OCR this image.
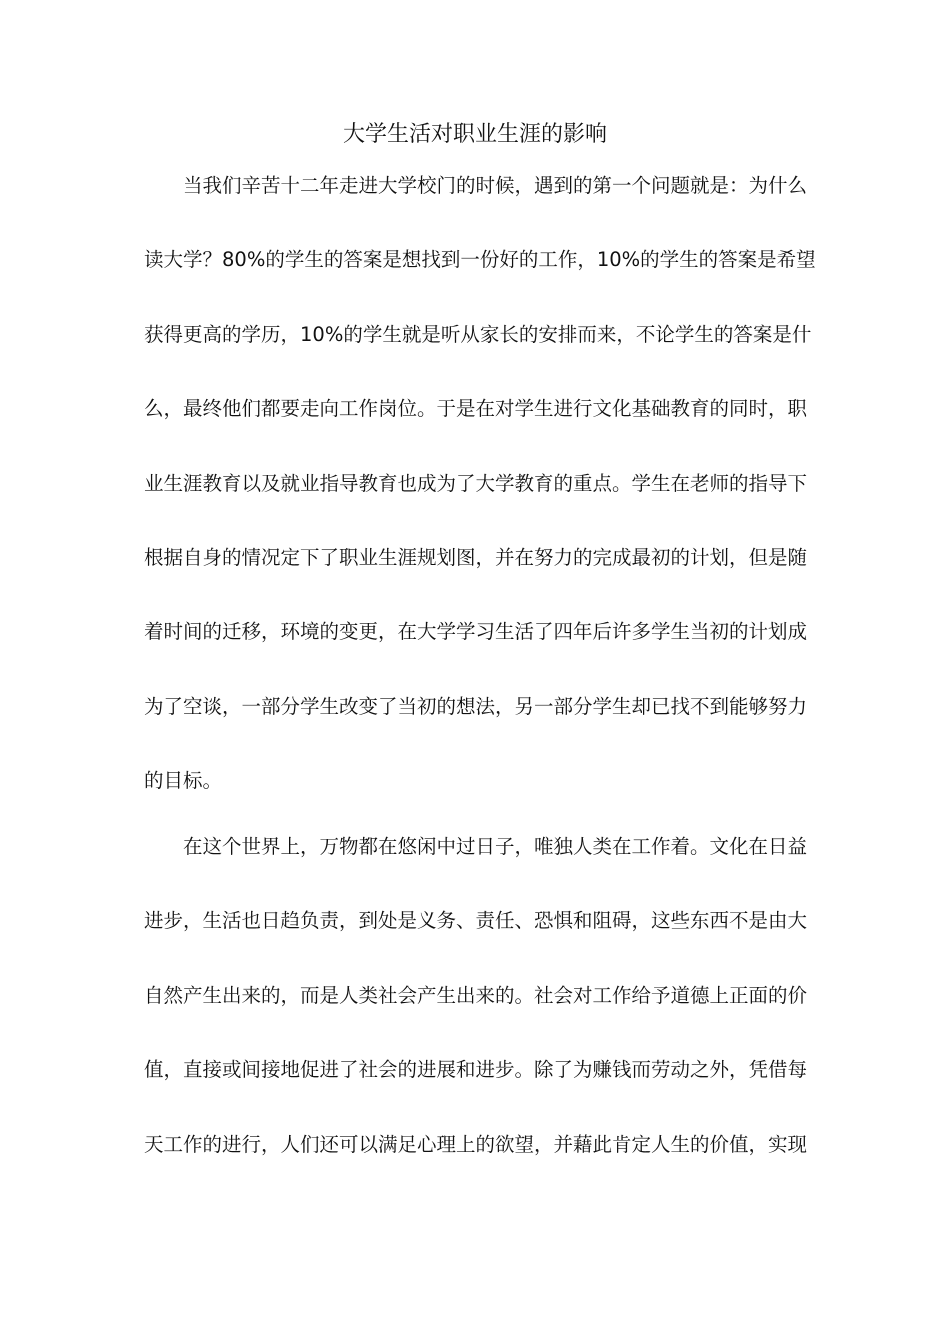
大学生活对职业生涯的影响
　　当我们辛苦十二年走进大学校门的时候，遇到的第一个问题就是：为什么
读大学？80%的学生的答案是想找到一份好的工作，10%的学生的答案是希望
获得更高的学历，10%的学生就是听从家长的安排而来，不论学生的答案是什
么，最终他们都要走向工作岗位。于是在对学生进行文化基础教育的同时，职
业生涯教育以及就业指导教育也成为了大学教育的重点。学生在老师的指导下
根据自身的情况定下了职业生涯规划图，并在努力的完成最初的计划，但是随
着时间的迁移，环境的变更，在大学学习生活了四年后许多学生当初的计划成
为了空谈，一部分学生改变了当初的想法，另一部分学生却已找不到能够努力
的目标。
　　在这个世界上，万物都在悠闲中过日子，唯独人类在工作着。文化在日益
进步，生活也日趋负责，到处是义务、责任、恐惧和阻碍，这些东西不是由大
自然产生出来的，而是人类社会产生出来的。社会对工作给予道德上正面的价
值，直接或间接地促进了社会的进展和进步。除了为赚钱而劳动之外，凭借每
天工作的进行，人们还可以满足心理上的欲望，并藉此肯定人生的价值，实现
